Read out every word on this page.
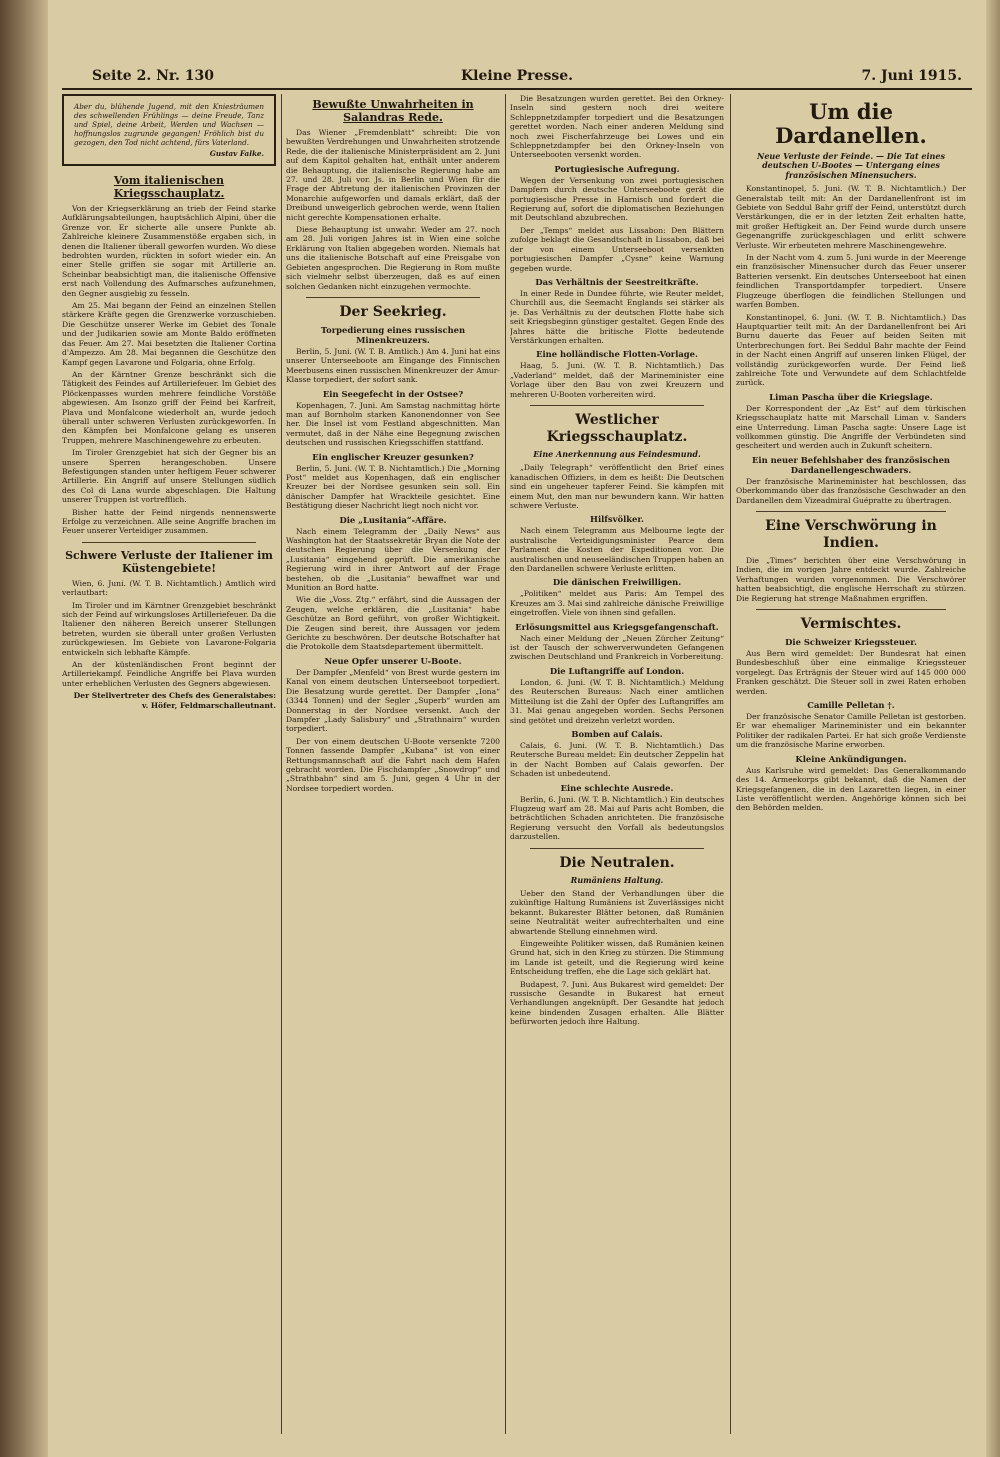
Seite 2. Nr. 130	Kleine Presse.	7. Juni 1915.
Aber du, blühende Jugend, mit den Kniesträumen des schwellenden Frühlings — deine Freude, Tanz und Spiel, deine Arbeit, Werden und Wachsen — hoffnungslos zugrunde gegangen! Fröhlich bist du gezogen, den Tod nicht achtend, fürs Vaterland.
Gustav Falke.
Vom italienischen Kriegsschauplatz.

Von der Kriegserklärung an trieb der Feind starke Aufklärungsabteilungen, hauptsächlich Alpini, über die Grenze vor. Er sicherte alle unsere Punkte ab. Zahlreiche kleinere Zusammenstöße ergaben sich, in denen die Italiener überall geworfen wurden. Wo diese bedrohten wurden, rückten in sofort wieder ein. An einer Stelle griffen sie sogar mit Artillerie an. Scheinbar beabsichtigt man, die italienische Offensive erst nach Vollendung des Aufmarsches aufzunehmen, den Gegner ausgiebig zu fesseln.

Am 25. Mai begann der Feind an einzelnen Stellen stärkere Kräfte gegen die Grenzwerke vorzuschieben. Die Geschütze unserer Werke im Gebiet des Tonale und der Judikarien sowie am Monte Baldo eröffneten das Feuer. Am 27. Mai besetzten die Italiener Cortina d'Ampezzo. Am 28. Mai begannen die Geschütze den Kampf gegen Lavarone und Folgaria, ohne Erfolg.

An der Kärntner Grenze beschränkt sich die Tätigkeit des Feindes auf Artilleriefeuer. Im Gebiet des Plöckenpasses wurden mehrere feindliche Vorstöße abgewiesen. Am Isonzo griff der Feind bei Karfreit, Plava und Monfalcone wiederholt an, wurde jedoch überall unter schweren Verlusten zurückgeworfen. In den Kämpfen bei Monfalcone gelang es unseren Truppen, mehrere Maschinengewehre zu erbeuten.

Im Tiroler Grenzgebiet hat sich der Gegner bis an unsere Sperren herangeschoben. Unsere Befestigungen standen unter heftigem Feuer schwerer Artillerie. Ein Angriff auf unsere Stellungen südlich des Col di Lana wurde abgeschlagen. Die Haltung unserer Truppen ist vortrefflich.

Bisher hatte der Feind nirgends nennenswerte Erfolge zu verzeichnen. Alle seine Angriffe brachen im Feuer unserer Verteidiger zusammen.

Schwere Verluste der Italiener im Küstengebiete!

Wien, 6. Juni. (W. T. B. Nichtamtlich.) Amtlich wird verlautbart:

Im Tiroler und im Kärntner Grenzgebiet beschränkt sich der Feind auf wirkungsloses Artilleriefeuer. Da die Italiener den näheren Bereich unserer Stellungen betreten, wurden sie überall unter großen Verlusten zurückgewiesen. Im Gebiete von Lavarone-Folgaria entwickeln sich lebhafte Kämpfe.

An der küstenländischen Front beginnt der Artilleriekampf. Feindliche Angriffe bei Plava wurden unter erheblichen Verlusten des Gegners abgewiesen.

Der Stellvertreter des Chefs des Generalstabes: v. Höfer, Feldmarschalleutnant.

Bewußte Unwahrheiten in Salandras Rede.

Das Wiener „Fremdenblatt“ schreibt: Die von bewußten Verdrehungen und Unwahrheiten strotzende Rede, die der italienische Ministerpräsident am 2. Juni auf dem Kapitol gehalten hat, enthält unter anderem die Behauptung, die italienische Regierung habe am 27. und 28. Juli vor. Js. in Berlin und Wien für die Frage der Abtretung der italienischen Provinzen der Monarchie aufgeworfen und damals erklärt, daß der Dreibund unweigerlich gebrochen werde, wenn Italien nicht gerechte Kompensationen erhalte.

Diese Behauptung ist unwahr. Weder am 27. noch am 28. Juli vorigen Jahres ist in Wien eine solche Erklärung von Italien abgegeben worden. Niemals hat uns die italienische Botschaft auf eine Preisgabe von Gebieten angesprochen. Die Regierung in Rom mußte sich vielmehr selbst überzeugen, daß es auf einen solchen Gedanken nicht einzugehen vermochte.

Der Seekrieg.
Torpedierung eines russischen Minenkreuzers.

Berlin, 5. Juni. (W. T. B. Amtlich.) Am 4. Juni hat eins unserer Unterseeboote am Eingange des Finnischen Meerbusens einen russischen Minenkreuzer der Amur-Klasse torpediert, der sofort sank.

Ein Seegefecht in der Ostsee?

Kopenhagen, 7. Juni. Am Samstag nachmittag hörte man auf Bornholm starken Kanonendonner von See her. Die Insel ist vom Festland abgeschnitten. Man vermutet, daß in der Nähe eine Begegnung zwischen deutschen und russischen Kriegsschiffen stattfand.

Ein englischer Kreuzer gesunken?

Berlin, 5. Juni. (W. T. B. Nichtamtlich.) Die „Morning Post“ meldet aus Kopenhagen, daß ein englischer Kreuzer bei der Nordsee gesunken sein soll. Ein dänischer Dampfer hat Wrackteile gesichtet. Eine Bestätigung dieser Nachricht liegt noch nicht vor.

Die „Lusitania“-Affäre.

Nach einem Telegramm der „Daily News“ aus Washington hat der Staatssekretär Bryan die Note der deutschen Regierung über die Versenkung der „Lusitania“ eingehend geprüft. Die amerikanische Regierung wird in ihrer Antwort auf der Frage bestehen, ob die „Lusitania“ bewaffnet war und Munition an Bord hatte.

Wie die „Voss. Ztg.“ erfährt, sind die Aussagen der Zeugen, welche erklären, die „Lusitania“ habe Geschütze an Bord geführt, von großer Wichtigkeit. Die Zeugen sind bereit, ihre Aussagen vor jedem Gerichte zu beschwören. Der deutsche Botschafter hat die Protokolle dem Staatsdepartement übermittelt.

Neue Opfer unserer U-Boote.

Der Dampfer „Menfeld“ von Brest wurde gestern im Kanal von einem deutschen Unterseeboot torpediert. Die Besatzung wurde gerettet. Der Dampfer „Iona“ (3344 Tonnen) und der Segler „Superb“ wurden am Donnerstag in der Nordsee versenkt. Auch der Dampfer „Lady Salisbury“ und „Strathnairn“ wurden torpediert.

Der von einem deutschen U-Boote versenkte 7200 Tonnen fassende Dampfer „Kubana“ ist von einer Rettungsmannschaft auf die Fahrt nach dem Hafen gebracht worden. Die Fischdampfer „Snowdrop“ und „Strathbahn“ sind am 5. Juni, gegen 4 Uhr in der Nordsee torpediert worden.

Die Besatzungen wurden gerettet. Bei den Orkney-Inseln sind gestern noch drei weitere Schleppnetzdampfer torpediert und die Besatzungen gerettet worden. Nach einer anderen Meldung sind noch zwei Fischerfahrzeuge bei Lowes und ein Schleppnetzdampfer bei den Orkney-Inseln von Unterseebooten versenkt worden.

Portugiesische Aufregung.

Wegen der Versenkung von zwei portugiesischen Dampfern durch deutsche Unterseeboote gerät die portugiesische Presse in Harnisch und fordert die Regierung auf, sofort die diplomatischen Beziehungen mit Deutschland abzubrechen.

Der „Temps“ meldet aus Lissabon: Den Blättern zufolge beklagt die Gesandtschaft in Lissabon, daß bei der von einem Unterseeboot versenkten portugiesischen Dampfer „Cysne“ keine Warnung gegeben wurde.

Das Verhältnis der Seestreitkräfte.

In einer Rede in Dundee führte, wie Reuter meldet, Churchill aus, die Seemacht Englands sei stärker als je. Das Verhältnis zu der deutschen Flotte habe sich seit Kriegsbeginn günstiger gestaltet. Gegen Ende des Jahres hätte die britische Flotte bedeutende Verstärkungen erhalten.

Eine holländische Flotten-Vorlage.

Haag, 5. Juni. (W. T. B. Nichtamtlich.) Das „Vaderland“ meldet, daß der Marineminister eine Vorlage über den Bau von zwei Kreuzern und mehreren U-Booten vorbereiten wird.

Westlicher Kriegsschauplatz.
Eine Anerkennung aus Feindesmund.

„Daily Telegraph“ veröffentlicht den Brief eines kanadischen Offiziers, in dem es heißt: Die Deutschen sind ein ungeheuer tapferer Feind. Sie kämpfen mit einem Mut, den man nur bewundern kann. Wir hatten schwere Verluste.

Hilfsvölker.

Nach einem Telegramm aus Melbourne legte der australische Verteidigungsminister Pearce dem Parlament die Kosten der Expeditionen vor. Die australischen und neuseeländischen Truppen haben an den Dardanellen schwere Verluste erlitten.

Die dänischen Freiwilligen.

„Politiken“ meldet aus Paris: Am Tempel des Kreuzes am 3. Mai sind zahlreiche dänische Freiwillige eingetroffen. Viele von ihnen sind gefallen.

Erlösungsmittel aus Kriegsgefangenschaft.

Nach einer Meldung der „Neuen Zürcher Zeitung“ ist der Tausch der schwerverwundeten Gefangenen zwischen Deutschland und Frankreich in Vorbereitung.

Die Luftangriffe auf London.

London, 6. Juni. (W. T. B. Nichtamtlich.) Meldung des Reuterschen Bureaus: Nach einer amtlichen Mitteilung ist die Zahl der Opfer des Luftangriffes am 31. Mai genau angegeben worden. Sechs Personen sind getötet und dreizehn verletzt worden.

Bomben auf Calais.

Calais, 6. Juni. (W. T. B. Nichtamtlich.) Das Reutersche Bureau meldet: Ein deutscher Zeppelin hat in der Nacht Bomben auf Calais geworfen. Der Schaden ist unbedeutend.

Eine schlechte Ausrede.

Berlin, 6. Juni. (W. T. B. Nichtamtlich.) Ein deutsches Flugzeug warf am 28. Mai auf Paris acht Bomben, die beträchtlichen Schaden anrichteten. Die französische Regierung versucht den Vorfall als bedeutungslos darzustellen.

Die Neutralen.
Rumäniens Haltung.

Ueber den Stand der Verhandlungen über die zukünftige Haltung Rumäniens ist Zuverlässiges nicht bekannt. Bukarester Blätter betonen, daß Rumänien seine Neutralität weiter aufrechterhalten und eine abwartende Stellung einnehmen wird.

Eingeweihte Politiker wissen, daß Rumänien keinen Grund hat, sich in den Krieg zu stürzen. Die Stimmung im Lande ist geteilt, und die Regierung wird keine Entscheidung treffen, ehe die Lage sich geklärt hat.

Budapest, 7. Juni. Aus Bukarest wird gemeldet: Der russische Gesandte in Bukarest hat erneut Verhandlungen angeknüpft. Der Gesandte hat jedoch keine bindenden Zusagen erhalten. Alle Blätter befürworten jedoch ihre Haltung.

Um die Dardanellen.
Neue Verluste der Feinde. — Die Tat eines deutschen U-Bootes — Untergang eines französischen Minensuchers.

Konstantinopel, 5. Juni. (W. T. B. Nichtamtlich.) Der Generalstab teilt mit: An der Dardanellenfront ist im Gebiete von Seddul Bahr griff der Feind, unterstützt durch Verstärkungen, die er in der letzten Zeit erhalten hatte, mit großer Heftigkeit an. Der Feind wurde durch unsere Gegenangriffe zurückgeschlagen und erlitt schwere Verluste. Wir erbeuteten mehrere Maschinengewehre.

In der Nacht vom 4. zum 5. Juni wurde in der Meerenge ein französischer Minensucher durch das Feuer unserer Batterien versenkt. Ein deutsches Unterseeboot hat einen feindlichen Transportdampfer torpediert. Unsere Flugzeuge überflogen die feindlichen Stellungen und warfen Bomben.

Konstantinopel, 6. Juni. (W. T. B. Nichtamtlich.) Das Hauptquartier teilt mit: An der Dardanellenfront bei Ari Burnu dauerte das Feuer auf beiden Seiten mit Unterbrechungen fort. Bei Seddul Bahr machte der Feind in der Nacht einen Angriff auf unseren linken Flügel, der vollständig zurückgeworfen wurde. Der Feind ließ zahlreiche Tote und Verwundete auf dem Schlachtfelde zurück.

Liman Pascha über die Kriegslage.

Der Korrespondent der „Az Est“ auf dem türkischen Kriegsschauplatz hatte mit Marschall Liman v. Sanders eine Unterredung. Liman Pascha sagte: Unsere Lage ist vollkommen günstig. Die Angriffe der Verbündeten sind gescheitert und werden auch in Zukunft scheitern.

Ein neuer Befehlshaber des französischen Dardanellengeschwaders.

Der französische Marineminister hat beschlossen, das Oberkommando über das französische Geschwader an den Dardanellen dem Vizeadmiral Guépratte zu übertragen.

Eine Verschwörung in Indien.

Die „Times“ berichten über eine Verschwörung in Indien, die im vorigen Jahre entdeckt wurde. Zahlreiche Verhaftungen wurden vorgenommen. Die Verschwörer hatten beabsichtigt, die englische Herrschaft zu stürzen. Die Regierung hat strenge Maßnahmen ergriffen.

Vermischtes.
Die Schweizer Kriegssteuer.

Aus Bern wird gemeldet: Der Bundesrat hat einen Bundesbeschluß über eine einmalige Kriegssteuer vorgelegt. Das Erträgnis der Steuer wird auf 145 000 000 Franken geschätzt. Die Steuer soll in zwei Raten erhoben werden.

Camille Pelletan †.

Der französische Senator Camille Pelletan ist gestorben. Er war ehemaliger Marineminister und ein bekannter Politiker der radikalen Partei. Er hat sich große Verdienste um die französische Marine erworben.

Kleine Ankündigungen.

Aus Karlsruhe wird gemeldet: Das Generalkommando des 14. Armeekorps gibt bekannt, daß die Namen der Kriegsgefangenen, die in den Lazaretten liegen, in einer Liste veröffentlicht werden. Angehörige können sich bei den Behörden melden.
